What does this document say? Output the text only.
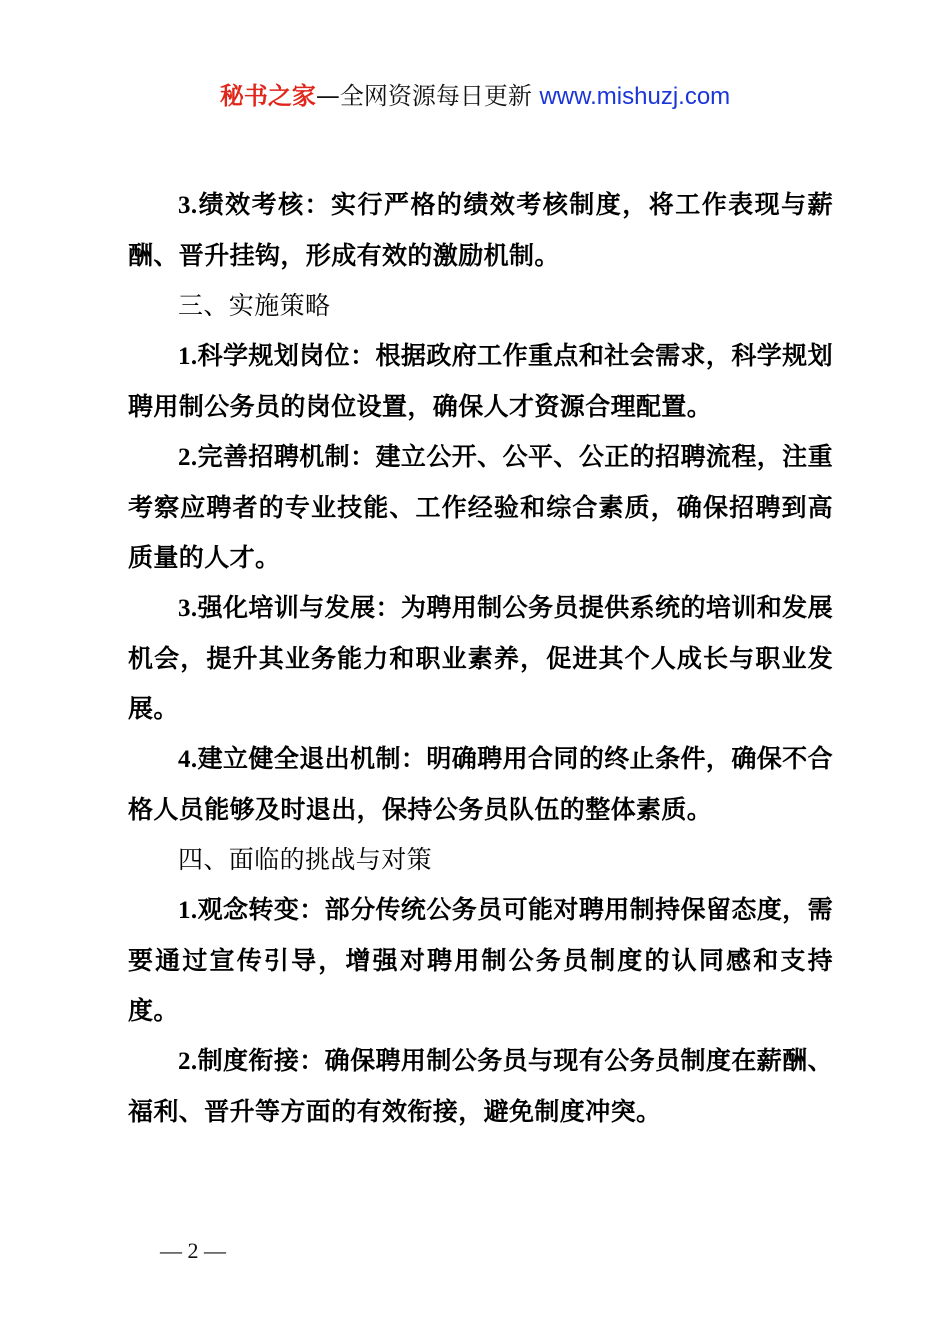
秘书之家—全网资源每日更新 www.mishuzj.com

3.绩效考核：实行严格的绩效考核制度，将工作表现与薪酬、晋升挂钩，形成有效的激励机制。

三、实施策略

1.科学规划岗位：根据政府工作重点和社会需求，科学规划聘用制公务员的岗位设置，确保人才资源合理配置。

2.完善招聘机制：建立公开、公平、公正的招聘流程，注重考察应聘者的专业技能、工作经验和综合素质，确保招聘到高质量的人才。

3.强化培训与发展：为聘用制公务员提供系统的培训和发展机会，提升其业务能力和职业素养，促进其个人成长与职业发展。

4.建立健全退出机制：明确聘用合同的终止条件，确保不合格人员能够及时退出，保持公务员队伍的整体素质。

四、面临的挑战与对策

1.观念转变：部分传统公务员可能对聘用制持保留态度，需要通过宣传引导，增强对聘用制公务员制度的认同感和支持度。

2.制度衔接：确保聘用制公务员与现有公务员制度在薪酬、福利、晋升等方面的有效衔接，避免制度冲突。

— 2 —
